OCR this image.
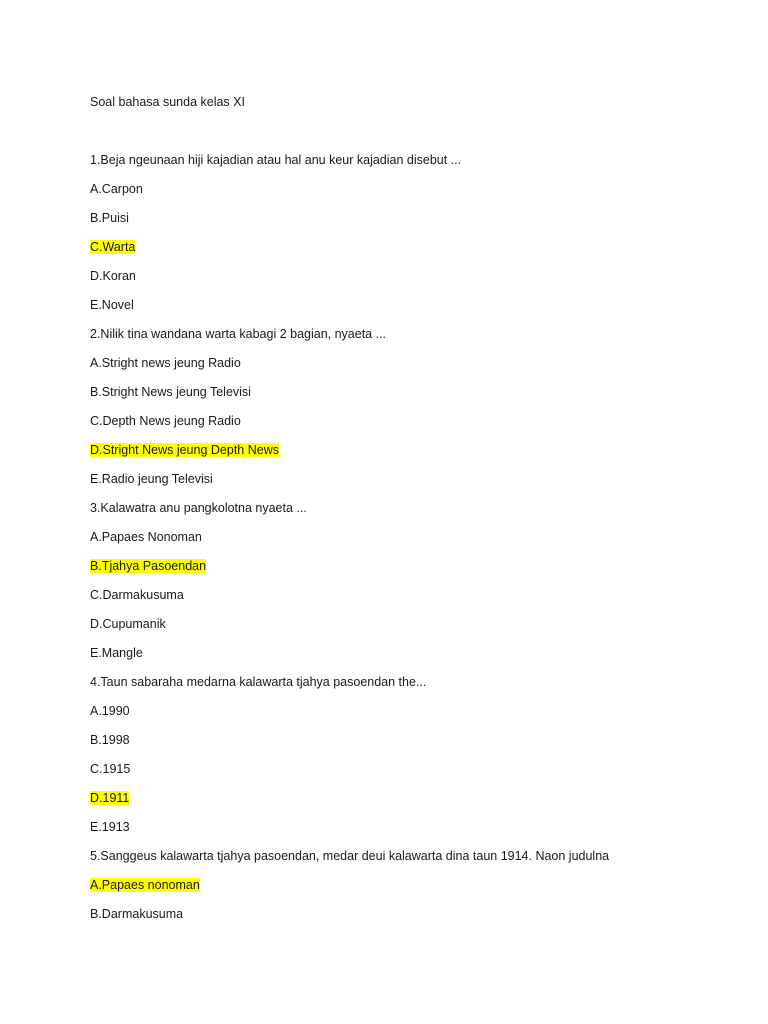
Soal bahasa sunda kelas XI
1.Beja ngeunaan hiji kajadian atau hal anu keur kajadian disebut ...
A.Carpon
B.Puisi
C.Warta
D.Koran
E.Novel
2.Nilik tina wandana warta kabagi 2 bagian, nyaeta ...
A.Stright news jeung Radio
B.Stright News jeung Televisi
C.Depth News jeung Radio
D.Stright News jeung Depth News
E.Radio jeung Televisi
3.Kalawatra anu pangkolotna nyaeta ...
A.Papaes Nonoman
B.Tjahya Pasoendan
C.Darmakusuma
D.Cupumanik
E.Mangle
4.Taun sabaraha medarna kalawarta tjahya pasoendan the...
A.1990
B.1998
C.1915
D.1911
E.1913
5.Sanggeus kalawarta tjahya pasoendan, medar deui kalawarta dina taun 1914. Naon judulna
A.Papaes nonoman
B.Darmakusuma
